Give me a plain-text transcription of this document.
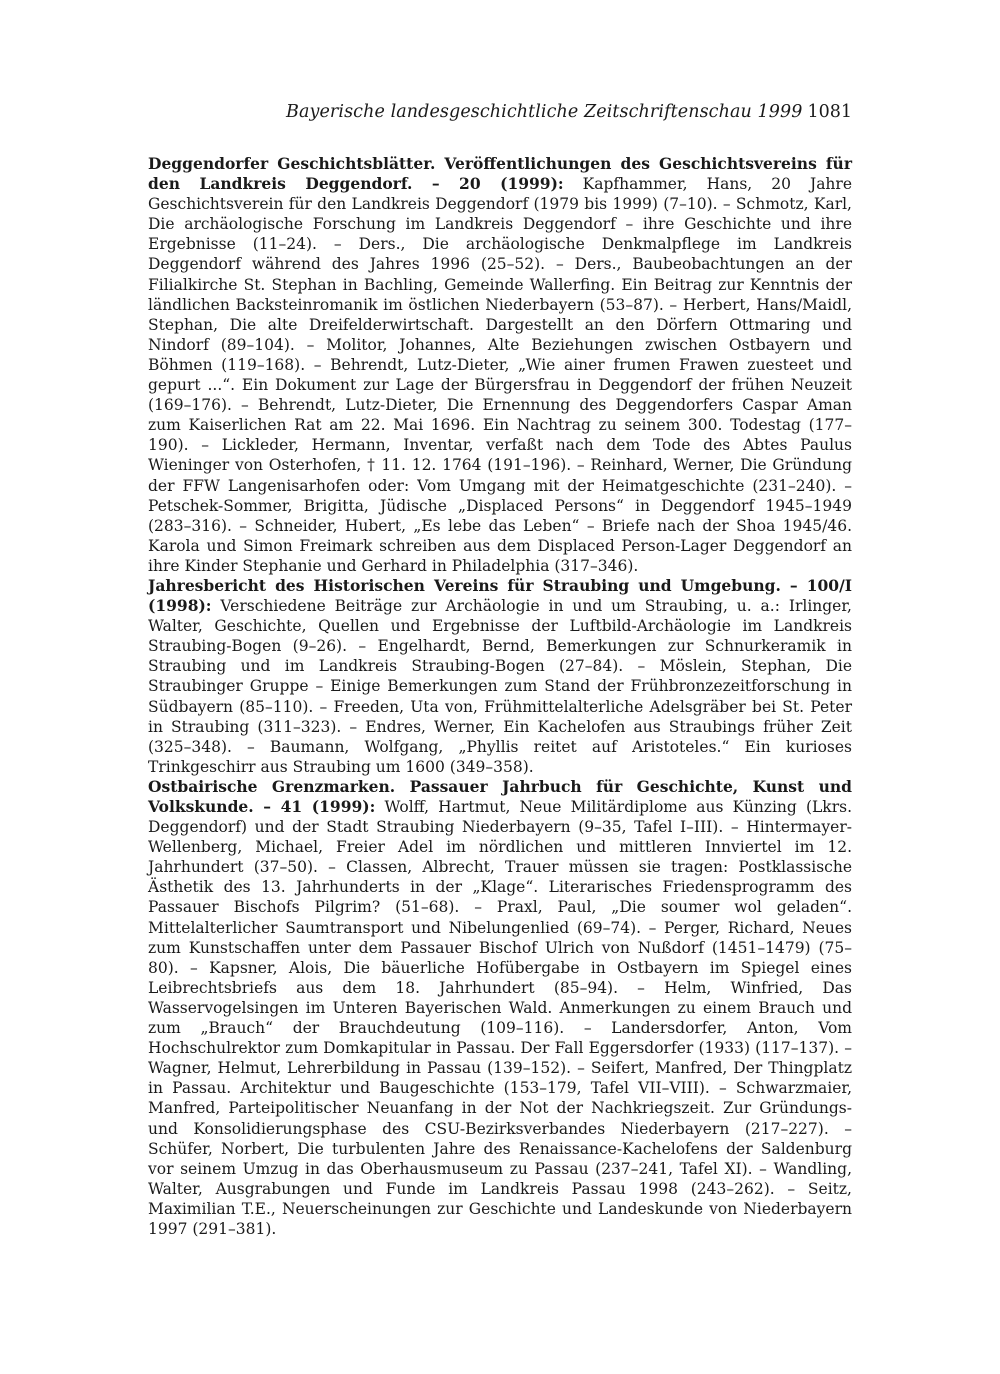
Bayerische landesgeschichtliche Zeitschriftenschau 1999 1081

Deggendorfer Geschichtsblätter. Veröffentlichungen des Geschichtsvereins für den Landkreis Deggendorf. – 20 (1999): Kapfhammer, Hans, 20 Jahre Geschichtsverein für den Landkreis Deggendorf (1979 bis 1999) (7–10). – Schmotz, Karl, Die archäologische Forschung im Landkreis Deggendorf – ihre Geschichte und ihre Ergebnisse (11–24). – Ders., Die archäologische Denkmalpflege im Landkreis Deggendorf während des Jahres 1996 (25–52). – Ders., Baubeobachtungen an der Filialkirche St. Stephan in Bachling, Gemeinde Wallerfing. Ein Beitrag zur Kenntnis der ländlichen Backsteinromanik im östlichen Niederbayern (53–87). – Herbert, Hans/Maidl, Stephan, Die alte Dreifelderwirtschaft. Dargestellt an den Dörfern Ottmaring und Nindorf (89–104). – Molitor, Johannes, Alte Beziehungen zwischen Ostbayern und Böhmen (119–168). – Behrendt, Lutz-Dieter, „Wie ainer frumen Frawen zuesteet und gepurt ...“. Ein Dokument zur Lage der Bürgersfrau in Deggendorf der frühen Neuzeit (169–176). – Behrendt, Lutz-Dieter, Die Ernennung des Deggendorfers Caspar Aman zum Kaiserlichen Rat am 22. Mai 1696. Ein Nachtrag zu seinem 300. Todestag (177–190). – Lickleder, Hermann, Inventar, verfaßt nach dem Tode des Abtes Paulus Wieninger von Osterhofen, † 11. 12. 1764 (191–196). – Reinhard, Werner, Die Gründung der FFW Langenisarhofen oder: Vom Umgang mit der Heimatgeschichte (231–240). – Petschek-Sommer, Brigitta, Jüdische „Displaced Persons“ in Deggendorf 1945–1949 (283–316). – Schneider, Hubert, „Es lebe das Leben“ – Briefe nach der Shoa 1945/46. Karola und Simon Freimark schreiben aus dem Displaced Person-Lager Deggendorf an ihre Kinder Stephanie und Gerhard in Philadelphia (317–346).

Jahresbericht des Historischen Vereins für Straubing und Umgebung. – 100/I (1998): Verschiedene Beiträge zur Archäologie in und um Straubing, u. a.: Irlinger, Walter, Geschichte, Quellen und Ergebnisse der Luftbild-Archäologie im Landkreis Straubing-Bogen (9–26). – Engelhardt, Bernd, Bemerkungen zur Schnurkeramik in Straubing und im Landkreis Straubing-Bogen (27–84). – Möslein, Stephan, Die Straubinger Gruppe – Einige Bemerkungen zum Stand der Frühbronzezeitforschung in Südbayern (85–110). – Freeden, Uta von, Frühmittelalterliche Adelsgräber bei St. Peter in Straubing (311–323). – Endres, Werner, Ein Kachelofen aus Straubings früher Zeit (325–348). – Baumann, Wolfgang, „Phyllis reitet auf Aristoteles.“ Ein kurioses Trinkgeschirr aus Straubing um 1600 (349–358).

Ostbairische Grenzmarken. Passauer Jahrbuch für Geschichte, Kunst und Volkskunde. – 41 (1999): Wolff, Hartmut, Neue Militärdiplome aus Künzing (Lkrs. Deggendorf) und der Stadt Straubing Niederbayern (9–35, Tafel I–III). – Hintermayer-Wellenberg, Michael, Freier Adel im nördlichen und mittleren Innviertel im 12. Jahrhundert (37–50). – Classen, Albrecht, Trauer müssen sie tragen: Postklassische Ästhetik des 13. Jahrhunderts in der „Klage“. Literarisches Friedensprogramm des Passauer Bischofs Pilgrim? (51–68). – Praxl, Paul, „Die soumer wol geladen“. Mittelalterlicher Saumtransport und Nibelungenlied (69–74). – Perger, Richard, Neues zum Kunstschaffen unter dem Passauer Bischof Ulrich von Nußdorf (1451–1479) (75–80). – Kapsner, Alois, Die bäuerliche Hofübergabe in Ostbayern im Spiegel eines Leibrechtsbriefs aus dem 18. Jahrhundert (85–94). – Helm, Winfried, Das Wasservogelsingen im Unteren Bayerischen Wald. Anmerkungen zu einem Brauch und zum „Brauch“ der Brauchdeutung (109–116). – Landersdorfer, Anton, Vom Hochschulrektor zum Domkapitular in Passau. Der Fall Eggersdorfer (1933) (117–137). – Wagner, Helmut, Lehrerbildung in Passau (139–152). – Seifert, Manfred, Der Thingplatz in Passau. Architektur und Baugeschichte (153–179, Tafel VII–VIII). – Schwarzmaier, Manfred, Parteipolitischer Neuanfang in der Not der Nachkriegszeit. Zur Gründungs- und Konsolidierungsphase des CSU-Bezirksverbandes Niederbayern (217–227). – Schüfer, Norbert, Die turbulenten Jahre des Renaissance-Kachelofens der Saldenburg vor seinem Umzug in das Oberhausmuseum zu Passau (237–241, Tafel XI). – Wandling, Walter, Ausgrabungen und Funde im Landkreis Passau 1998 (243–262). – Seitz, Maximilian T.E., Neuerscheinungen zur Geschichte und Landeskunde von Niederbayern 1997 (291–381).
